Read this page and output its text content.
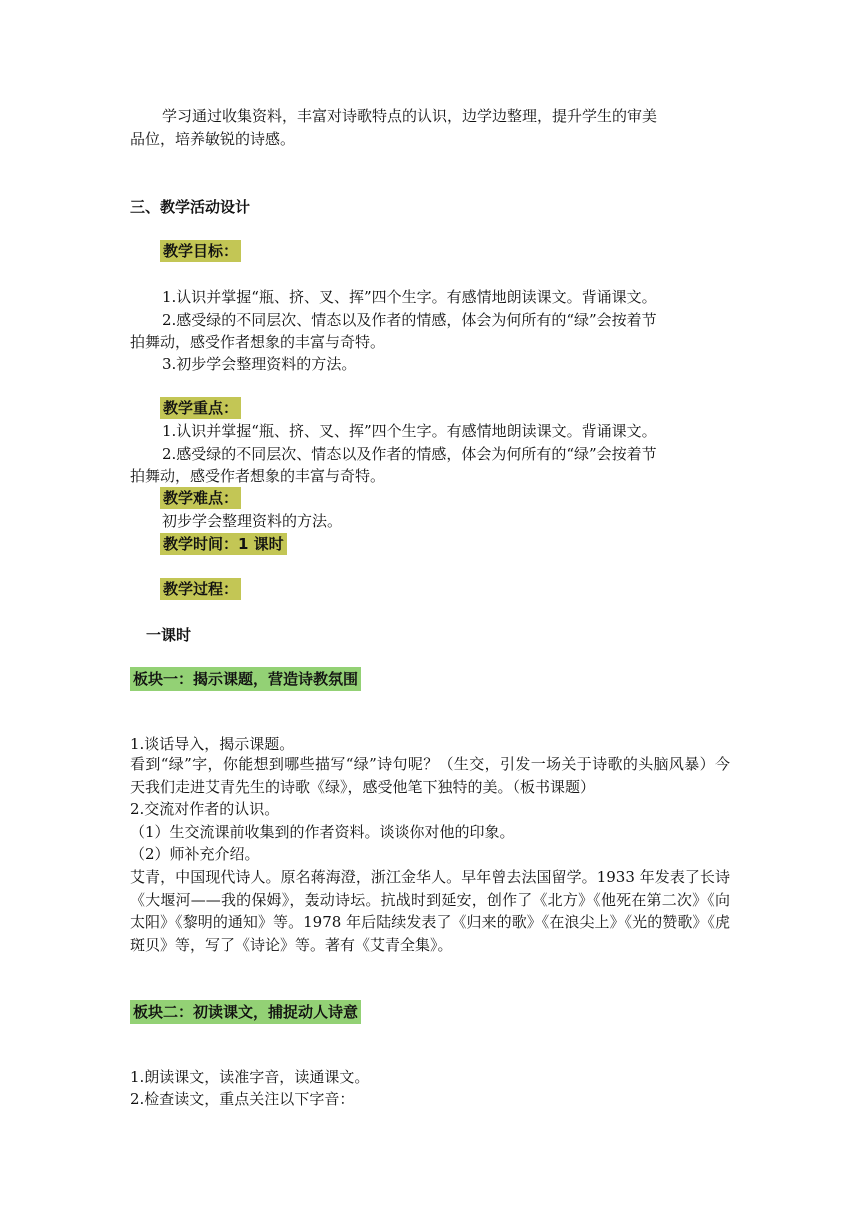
学习通过收集资料，丰富对诗歌特点的认识，边学边整理，提升学生的审美
品位，培养敏锐的诗感。
三、教学活动设计
教学目标：
1.认识并掌握“瓶、挤、叉、挥”四个生字。有感情地朗读课文。背诵课文。
2.感受绿的不同层次、情态以及作者的情感，体会为何所有的“绿”会按着节
拍舞动，感受作者想象的丰富与奇特。
3.初步学会整理资料的方法。
教学重点：
1.认识并掌握“瓶、挤、叉、挥”四个生字。有感情地朗读课文。背诵课文。
2.感受绿的不同层次、情态以及作者的情感，体会为何所有的“绿”会按着节
拍舞动，感受作者想象的丰富与奇特。
教学难点：
初步学会整理资料的方法。
教学时间：1 课时
教学过程：
一课时
板块一：揭示课题，营造诗教氛围
1.谈话导入，揭示课题。
看到“绿”字，你能想到哪些描写“绿”诗句呢？（生交，引发一场关于诗歌的头脑风暴）今天我们走进艾青先生的诗歌《绿》，感受他笔下独特的美。（板书课题）
2.交流对作者的认识。
（1）生交流课前收集到的作者资料。谈谈你对他的印象。
（2）师补充介绍。
艾青，中国现代诗人。原名蒋海澄，浙江金华人。早年曾去法国留学。1933 年发表了长诗《大堰河——我的保姆》，轰动诗坛。抗战时到延安，创作了《北方》《他死在第二次》《向太阳》《黎明的通知》等。1978 年后陆续发表了《归来的歌》《在浪尖上》《光的赞歌》《虎斑贝》等，写了《诗论》等。著有《艾青全集》。
板块二：初读课文，捕捉动人诗意
1.朗读课文，读准字音，读通课文。
2.检查读文，重点关注以下字音：
